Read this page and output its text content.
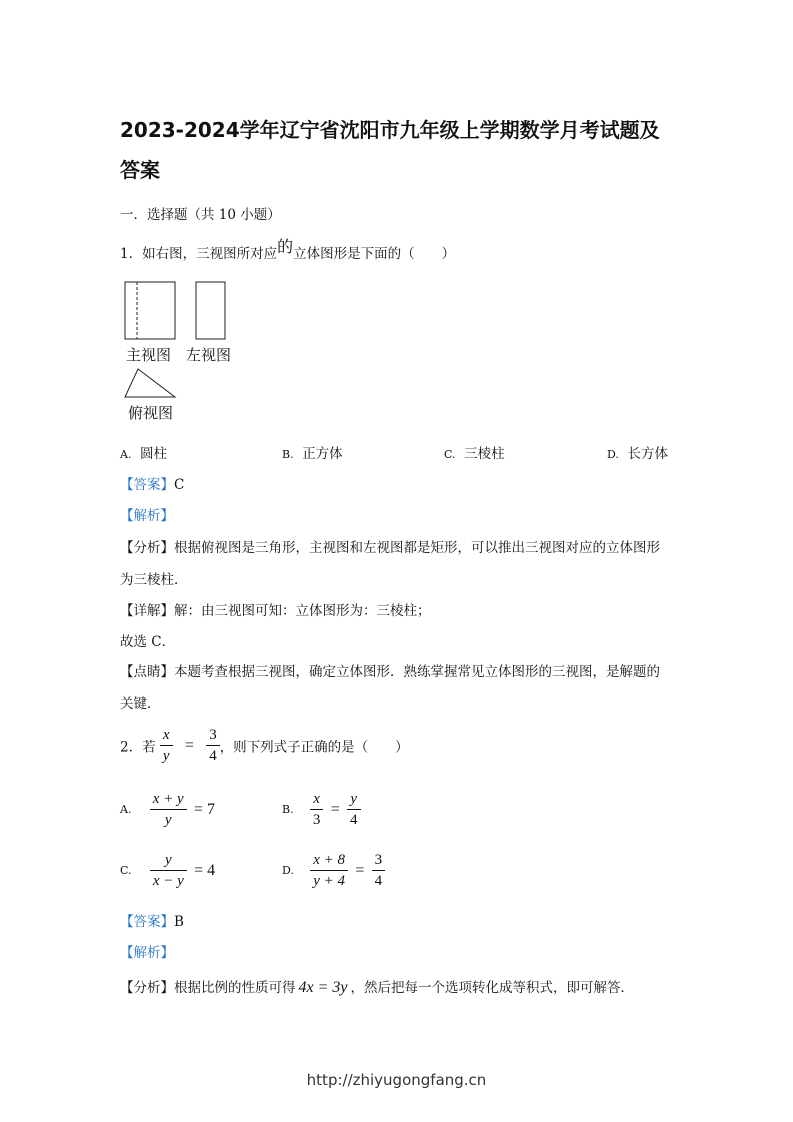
2023-2024学年辽宁省沈阳市九年级上学期数学月考试题及
答案
一．选择题（共 10 小题）
1．如右图，三视图所对应的立体图形是下面的（　　）
主视图 左视图
俯视图
A. 圆柱	B. 正方体	C. 三棱柱	D. 长方体
【答案】C
【解析】
【分析】根据俯视图是三角形，主视图和左视图都是矩形，可以推出三视图对应的立体图形
为三棱柱．
【详解】解：由三视图可知：立体图形为：三棱柱；
故选 C．
【点睛】本题考查根据三视图，确定立体图形．熟练掌握常见立体图形的三视图，是解题的
关键．
2．若 $\frac{x}{y} = \frac{3}{4}$ ，则下列式子正确的是（　　）
A. $\frac{x + y}{y} = 7$	B. $\frac{x}{3} = \frac{y}{4}$
C. $\frac{y}{x - y} = 4$	D. $\frac{x + 8}{y + 4} = \frac{3}{4}$
【答案】B
【解析】
【分析】根据比例的性质可得 4x = 3y ，然后把每一个选项转化成等积式，即可解答．
http://zhiyugongfang.cn
